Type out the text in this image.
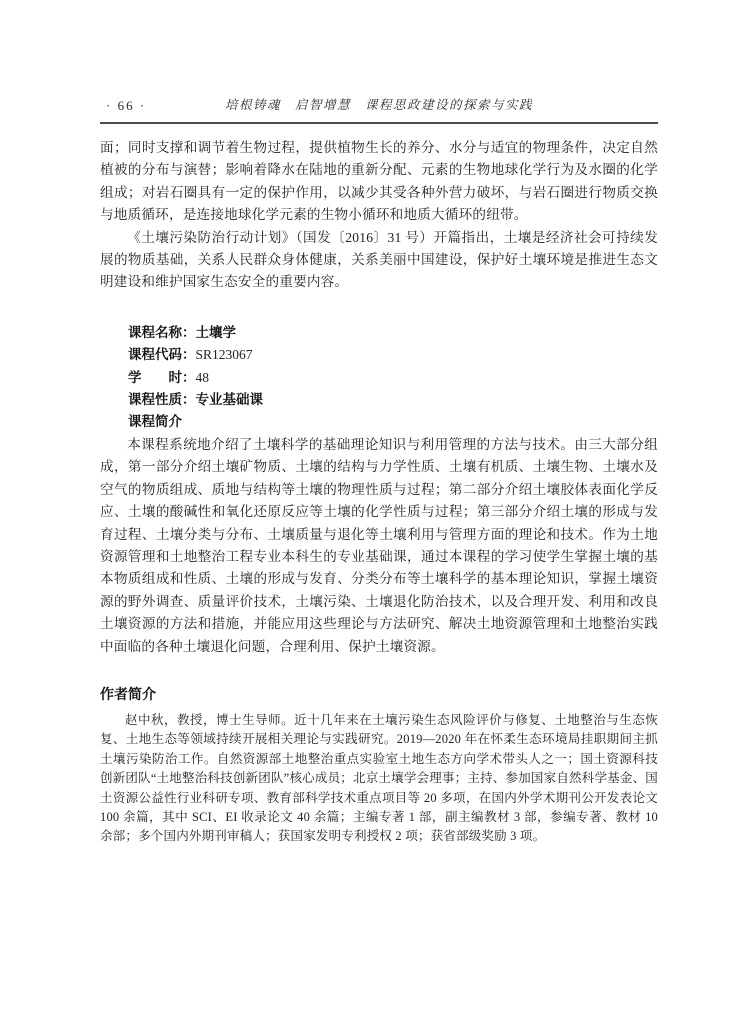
· 66 ·	培根铸魂　启智增慧　课程思政建设的探索与实践

面；同时支撑和调节着生物过程，提供植物生长的养分、水分与适宜的物理条件，决定自然植被的分布与演替；影响着降水在陆地的重新分配、元素的生物地球化学行为及水圈的化学组成；对岩石圈具有一定的保护作用，以减少其受各种外营力破坏，与岩石圈进行物质交换与地质循环，是连接地球化学元素的生物小循环和地质大循环的纽带。

《土壤污染防治行动计划》（国发〔2016〕31 号）开篇指出，土壤是经济社会可持续发展的物质基础，关系人民群众身体健康，关系美丽中国建设，保护好土壤环境是推进生态文明建设和维护国家生态安全的重要内容。

课程名称：土壤学
课程代码：SR123067
学　　时：48
课程性质：专业基础课
课程简介

本课程系统地介绍了土壤科学的基础理论知识与利用管理的方法与技术。由三大部分组成，第一部分介绍土壤矿物质、土壤的结构与力学性质、土壤有机质、土壤生物、土壤水及空气的物质组成、质地与结构等土壤的物理性质与过程；第二部分介绍土壤胶体表面化学反应、土壤的酸碱性和氧化还原反应等土壤的化学性质与过程；第三部分介绍土壤的形成与发育过程、土壤分类与分布、土壤质量与退化等土壤利用与管理方面的理论和技术。作为土地资源管理和土地整治工程专业本科生的专业基础课，通过本课程的学习使学生掌握土壤的基本物质组成和性质、土壤的形成与发育、分类分布等土壤科学的基本理论知识，掌握土壤资源的野外调查、质量评价技术，土壤污染、土壤退化防治技术，以及合理开发、利用和改良土壤资源的方法和措施，并能应用这些理论与方法研究、解决土地资源管理和土地整治实践中面临的各种土壤退化问题，合理利用、保护土壤资源。

作者简介

赵中秋，教授，博士生导师。近十几年来在土壤污染生态风险评价与修复、土地整治与生态恢复、土地生态等领域持续开展相关理论与实践研究。2019—2020 年在怀柔生态环境局挂职期间主抓土壤污染防治工作。自然资源部土地整治重点实验室土地生态方向学术带头人之一；国土资源科技创新团队“土地整治科技创新团队”核心成员；北京土壤学会理事；主持、参加国家自然科学基金、国土资源公益性行业科研专项、教育部科学技术重点项目等 20 多项，在国内外学术期刊公开发表论文 100 余篇，其中 SCI、EI 收录论文 40 余篇；主编专著 1 部，副主编教材 3 部，参编专著、教材 10 余部；多个国内外期刊审稿人；获国家发明专利授权 2 项；获省部级奖励 3 项。
